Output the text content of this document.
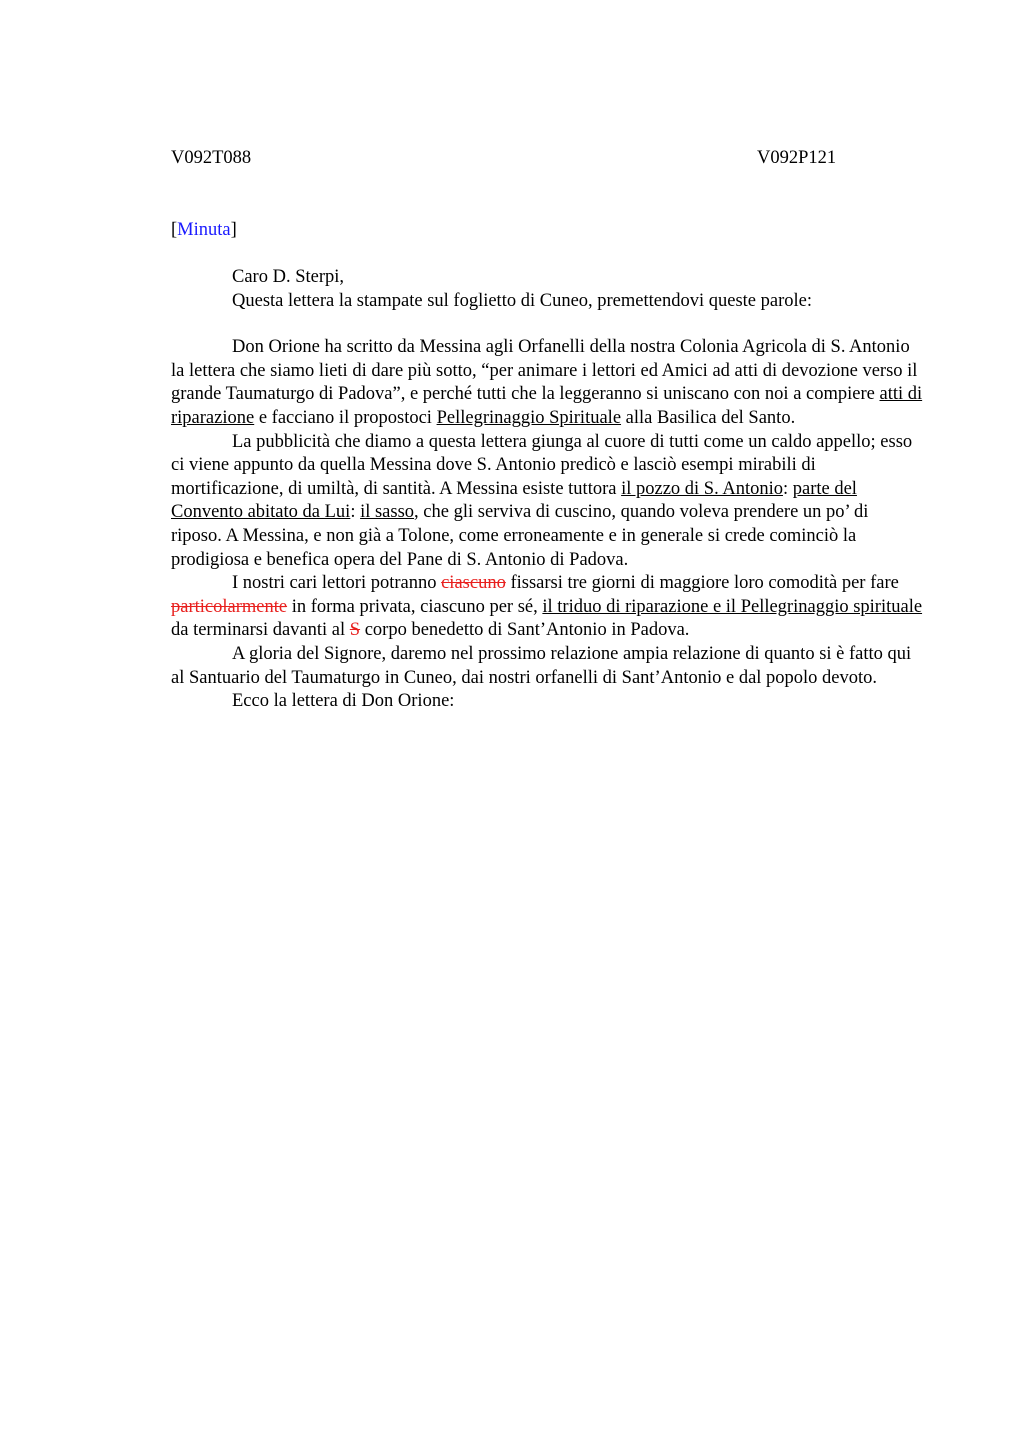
V092T088	V092P121
[Minuta]

Caro D. Sterpi,

Questa lettera la stampate sul foglietto di Cuneo, premettendovi queste parole:

Don Orione ha scritto da Messina agli Orfanelli della nostra Colonia Agricola di S. Antonio la lettera che siamo lieti di dare più sotto, “per animare i lettori ed Amici ad atti di devozione verso il grande Taumaturgo di Padova”, e perché tutti che la leggeranno si uniscano con noi a compiere atti di riparazione e facciano il propostoci Pellegrinaggio Spirituale alla Basilica del Santo.

La pubblicità che diamo a questa lettera giunga al cuore di tutti come un caldo appello; esso ci viene appunto da quella Messina dove S. Antonio predicò e lasciò esempi mirabili di mortificazione, di umiltà, di santità. A Messina esiste tuttora il pozzo di S. Antonio: parte del Convento abitato da Lui: il sasso, che gli serviva di cuscino, quando voleva prendere un po’ di riposo. A Messina, e non già a Tolone, come erroneamente e in generale si crede cominciò la prodigiosa e benefica opera del Pane di S. Antonio di Padova.

I nostri cari lettori potranno ciascuno fissarsi tre giorni di maggiore loro comodità per fare particolarmente in forma privata, ciascuno per sé, il triduo di riparazione e il Pellegrinaggio spirituale da terminarsi davanti al S corpo benedetto di Sant’Antonio in Padova.

A gloria del Signore, daremo nel prossimo relazione ampia relazione di quanto si è fatto qui al Santuario del Taumaturgo in Cuneo, dai nostri orfanelli di Sant’Antonio e dal popolo devoto.

Ecco la lettera di Don Orione:
